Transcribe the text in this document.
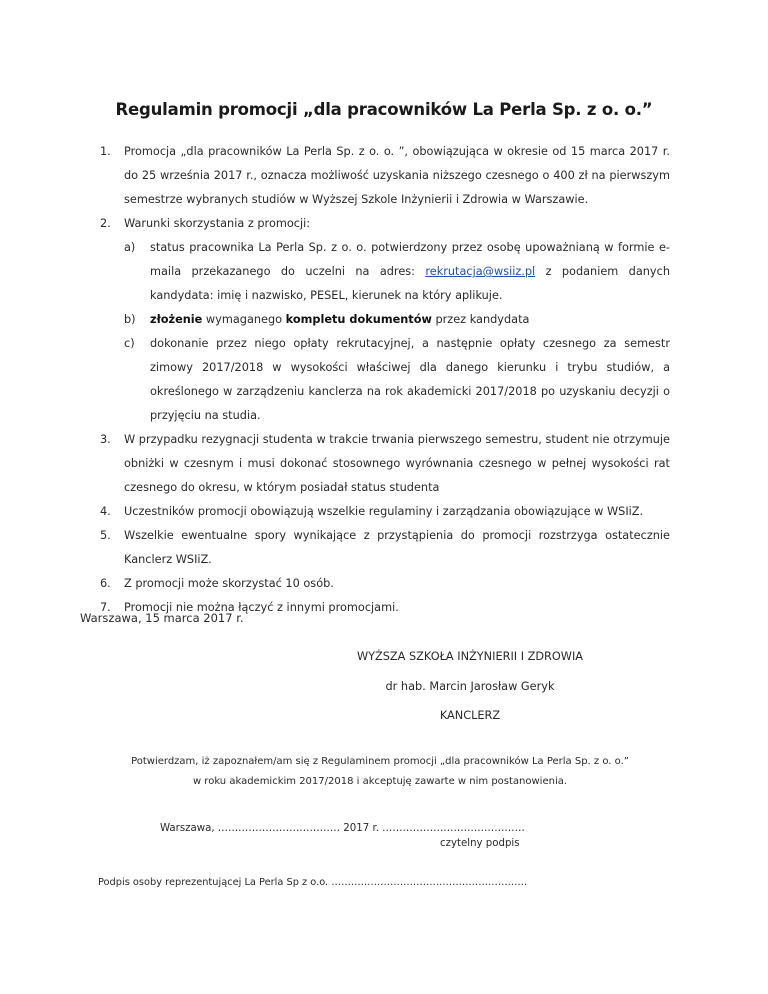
Regulamin promocji „dla pracowników La Perla Sp. z o. o.”
1. Promocja „dla pracowników La Perla Sp. z o. o. ”, obowiązująca w okresie od 15 marca 2017 r. do 25 września 2017 r., oznacza możliwość uzyskania niższego czesnego o 400 zł na pierwszym semestrze wybranych studiów w Wyższej Szkole Inżynierii i Zdrowia w Warszawie.
2. Warunki skorzystania z promocji:
a) status pracownika La Perla Sp. z o. o. potwierdzony przez osobę upoważnianą w formie e-maila przekazanego do uczelni na adres: rekrutacja@wsiiz.pl z podaniem danych kandydata: imię i nazwisko, PESEL, kierunek na który aplikuje.
b) złożenie wymaganego kompletu dokumentów przez kandydata
c) dokonanie przez niego opłaty rekrutacyjnej, a następnie opłaty czesnego za semestr zimowy 2017/2018 w wysokości właściwej dla danego kierunku i trybu studiów, a określonego w zarządzeniu kanclerza na rok akademicki 2017/2018 po uzyskaniu decyzji o przyjęciu na studia.
3. W przypadku rezygnacji studenta w trakcie trwania pierwszego semestru, student nie otrzymuje obniżki w czesnym i musi dokonać stosownego wyrównania czesnego w pełnej wysokości rat czesnego do okresu, w którym posiadał status studenta
4. Uczestników promocji obowiązują wszelkie regulaminy i zarządzania obowiązujące w WSIiZ.
5. Wszelkie ewentualne spory wynikające z przystąpienia do promocji rozstrzyga ostatecznie Kanclerz WSIiZ.
6. Z promocji może skorzystać 10 osób.
7. Promocji nie można łączyć z innymi promocjami.
Warszawa, 15 marca 2017 r.
WYŻSZA SZKOŁA INŻYNIERII I ZDROWIA
dr hab. Marcin Jarosław Geryk
KANCLERZ
Potwierdzam, iż zapoznałem/am się z Regulaminem promocji „dla pracowników La Perla Sp. z o. o.”
w roku akademickim 2017/2018 i akceptuję zawarte w nim postanowienia.
Warszawa, ……………………………… 2017 r. ……………………………………
czytelny podpis
Podpis osoby reprezentującej La Perla Sp z o.o. ……………………………………………………
